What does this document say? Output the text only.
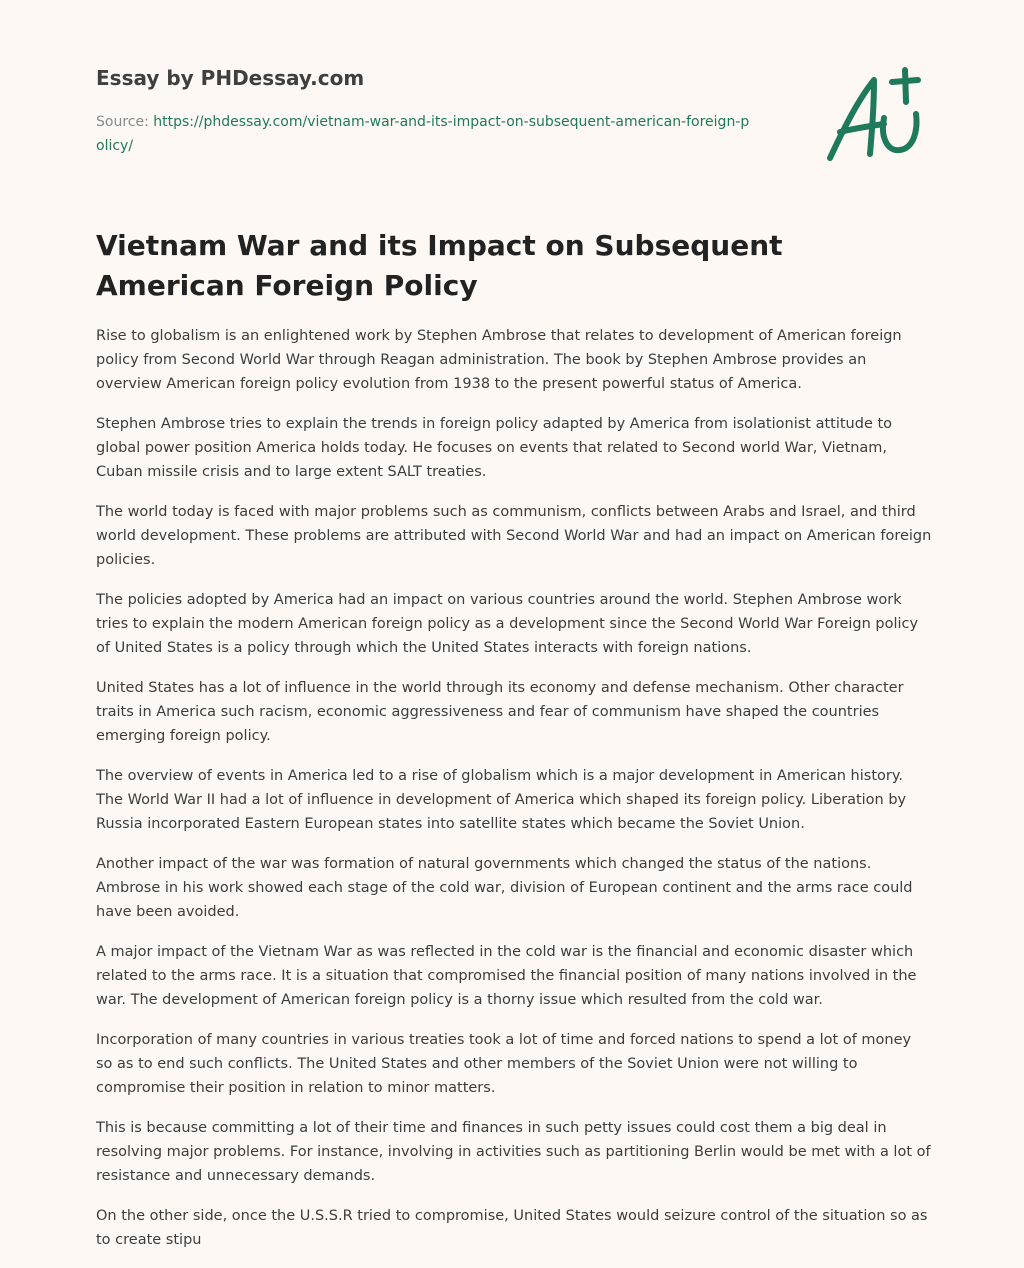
Essay by PHDessay.com
Source: https://phdessay.com/vietnam-war-and-its-impact-on-subsequent-american-foreign-policy/
Vietnam War and its Impact on Subsequent American Foreign Policy

Rise to globalism is an enlightened work by Stephen Ambrose that relates to development of American foreign policy from Second World War through Reagan administration. The book by Stephen Ambrose provides an overview American foreign policy evolution from 1938 to the present powerful status of America.

Stephen Ambrose tries to explain the trends in foreign policy adapted by America from isolationist attitude to global power position America holds today. He focuses on events that related to Second world War, Vietnam, Cuban missile crisis and to large extent SALT treaties.

The world today is faced with major problems such as communism, conflicts between Arabs and Israel, and third world development. These problems are attributed with Second World War and had an impact on American foreign policies.

The policies adopted by America had an impact on various countries around the world. Stephen Ambrose work tries to explain the modern American foreign policy as a development since the Second World War Foreign policy of United States is a policy through which the United States interacts with foreign nations.

United States has a lot of influence in the world through its economy and defense mechanism. Other character traits in America such racism, economic aggressiveness and fear of communism have shaped the countries emerging foreign policy.

The overview of events in America led to a rise of globalism which is a major development in American history. The World War II had a lot of influence in development of America which shaped its foreign policy. Liberation by Russia incorporated Eastern European states into satellite states which became the Soviet Union.

Another impact of the war was formation of natural governments which changed the status of the nations. Ambrose in his work showed each stage of the cold war, division of European continent and the arms race could have been avoided.

A major impact of the Vietnam War as was reflected in the cold war is the financial and economic disaster which related to the arms race. It is a situation that compromised the financial position of many nations involved in the war. The development of American foreign policy is a thorny issue which resulted from the cold war.

Incorporation of many countries in various treaties took a lot of time and forced nations to spend a lot of money so as to end such conflicts. The United States and other members of the Soviet Union were not willing to compromise their position in relation to minor matters.

This is because committing a lot of their time and finances in such petty issues could cost them a big deal in resolving major problems. For instance, involving in activities such as partitioning Berlin would be met with a lot of resistance and unnecessary demands.

On the other side, once the U.S.S.R tried to compromise, United States would seizure control of the situation so as to create stipu
